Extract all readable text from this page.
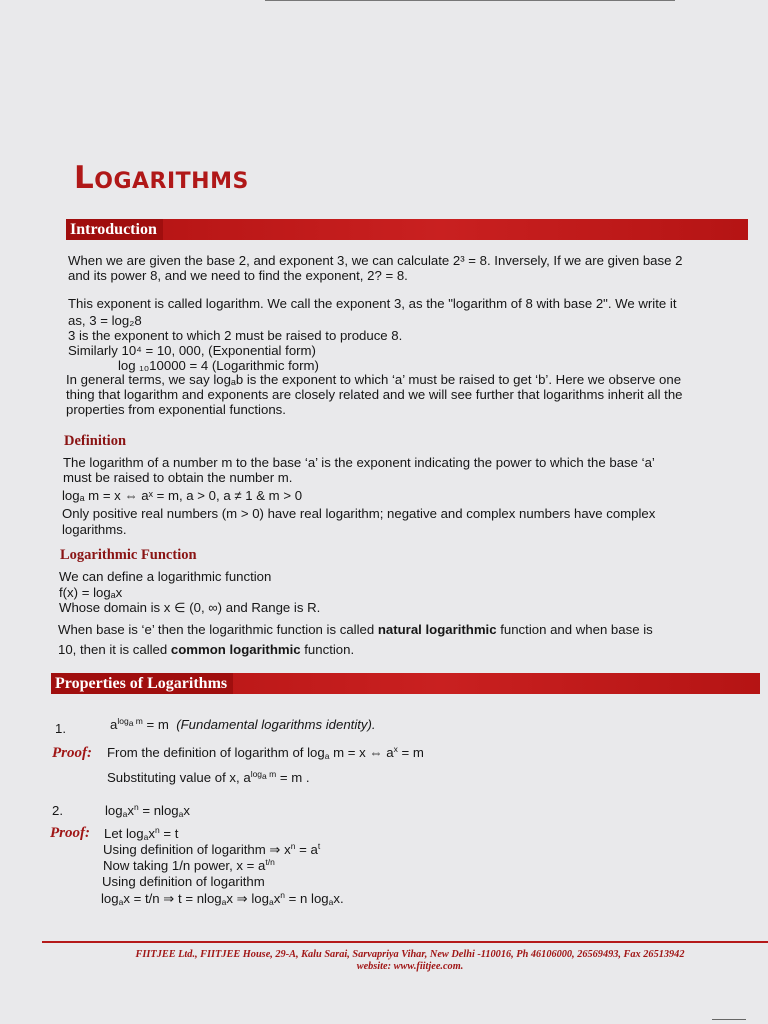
Logarithms
Introduction

When we are given the base 2, and exponent 3, we can calculate 2³ = 8. Inversely, If we are given base 2

and its power 8, and we need to find the exponent, 2? = 8.

This exponent is called logarithm. We call the exponent 3, as the "logarithm of 8 with base 2". We write it

as, 3 = log₂8

3 is the exponent to which 2 must be raised to produce 8.

Similarly 10⁴ = 10, 000, (Exponential form)

log ₁₀10000 = 4 (Logarithmic form)

In general terms, we say logₐb is the exponent to which ‘a’ must be raised to get ‘b’. Here we observe one

thing that logarithm and exponents are closely related and we will see further that logarithms inherit all the

properties from exponential functions.

Definition

The logarithm of a number m to the base ‘a’ is the exponent indicating the power to which the base ‘a’

must be raised to obtain the number m.

logₐ m = x ⇔ aˣ = m, a > 0, a ≠ 1 & m > 0

Only positive real numbers (m > 0) have real logarithm; negative and complex numbers have complex

logarithms.

Logarithmic Function

We can define a logarithmic function

f(x) = logₐx

Whose domain is x ∈ (0, ∞) and Range is R.

When base is ‘e’ then the logarithmic function is called natural logarithmic function and when base is

10, then it is called common logarithmic function.

Properties of Logarithms
1.	$a^{log_a m} = m$  (Fundamental logarithms identity).
Proof: From the definition of logarithm of $\log_a m = x$ ⇔ $a^x = m$
Substituting value of x, $a^{log_a m} = m$ .
2.	$\log_ax^n = nlog_ax$
Proof: Let $\log_ax^n = t$
Using definition of logarithm ⇒ $x^n = a^t$
Now taking 1/n power, $x = a^{t/n}$
Using definition of logarithm
$\log_ax = t/n$ ⇒ t = nlog$_a$x ⇒ $\log_ax^n = n$ $\log_ax$.
FIITJEE Ltd., FIITJEE House, 29-A, Kalu Sarai, Sarvapriya Vihar, New Delhi -110016, Ph 46106000, 26569493, Fax 26513942
website: www.fiitjee.com.
